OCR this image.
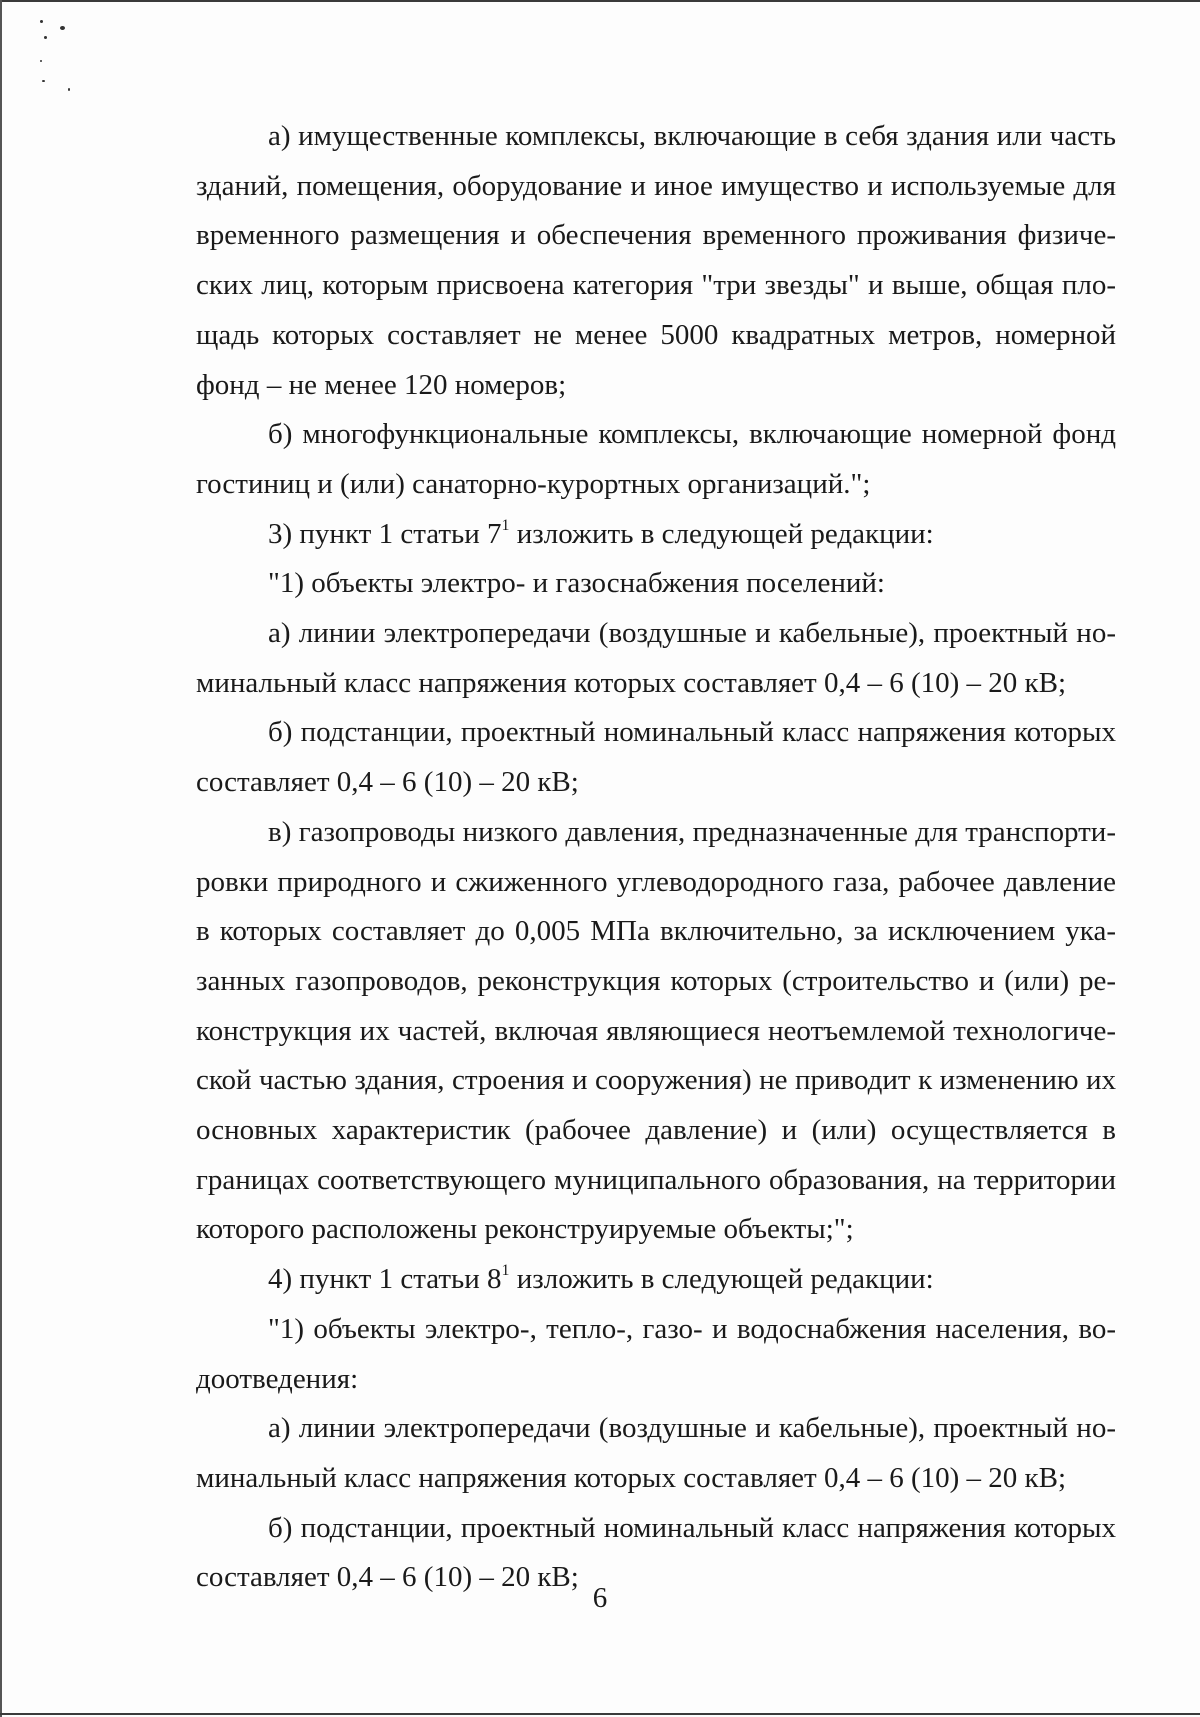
а) имущественные комплексы, включающие в себя здания или часть зданий, помещения, оборудование и иное имущество и используемые для временного размещения и обеспечения временного проживания физических лиц, которым присвоена категория "три звезды" и выше, общая площадь которых составляет не менее 5000 квадратных метров, номерной фонд – не менее 120 номеров;

б) многофункциональные комплексы, включающие номерной фонд гостиниц и (или) санаторно-курортных организаций.";

3) пункт 1 статьи $7^1$ изложить в следующей редакции:

"1) объекты электро- и газоснабжения поселений:

а) линии электропередачи (воздушные и кабельные), проектный номинальный класс напряжения которых составляет 0,4 – 6 (10) – 20 кВ;

б) подстанции, проектный номинальный класс напряжения которых составляет 0,4 – 6 (10) – 20 кВ;

в) газопроводы низкого давления, предназначенные для транспортировки природного и сжиженного углеводородного газа, рабочее давление в которых составляет до 0,005 МПа включительно, за исключением указанных газопроводов, реконструкция которых (строительство и (или) реконструкция их частей, включая являющиеся неотъемлемой технологической частью здания, строения и сооружения) не приводит к изменению их основных характеристик (рабочее давление) и (или) осуществляется в границах соответствующего муниципального образования, на территории которого расположены реконструируемые объекты;";

4) пункт 1 статьи $8^1$ изложить в следующей редакции:

"1) объекты электро-, тепло-, газо- и водоснабжения населения, водоотведения:

а) линии электропередачи (воздушные и кабельные), проектный номинальный класс напряжения которых составляет 0,4 – 6 (10) – 20 кВ;

б) подстанции, проектный номинальный класс напряжения которых составляет 0,4 – 6 (10) – 20 кВ;

6
